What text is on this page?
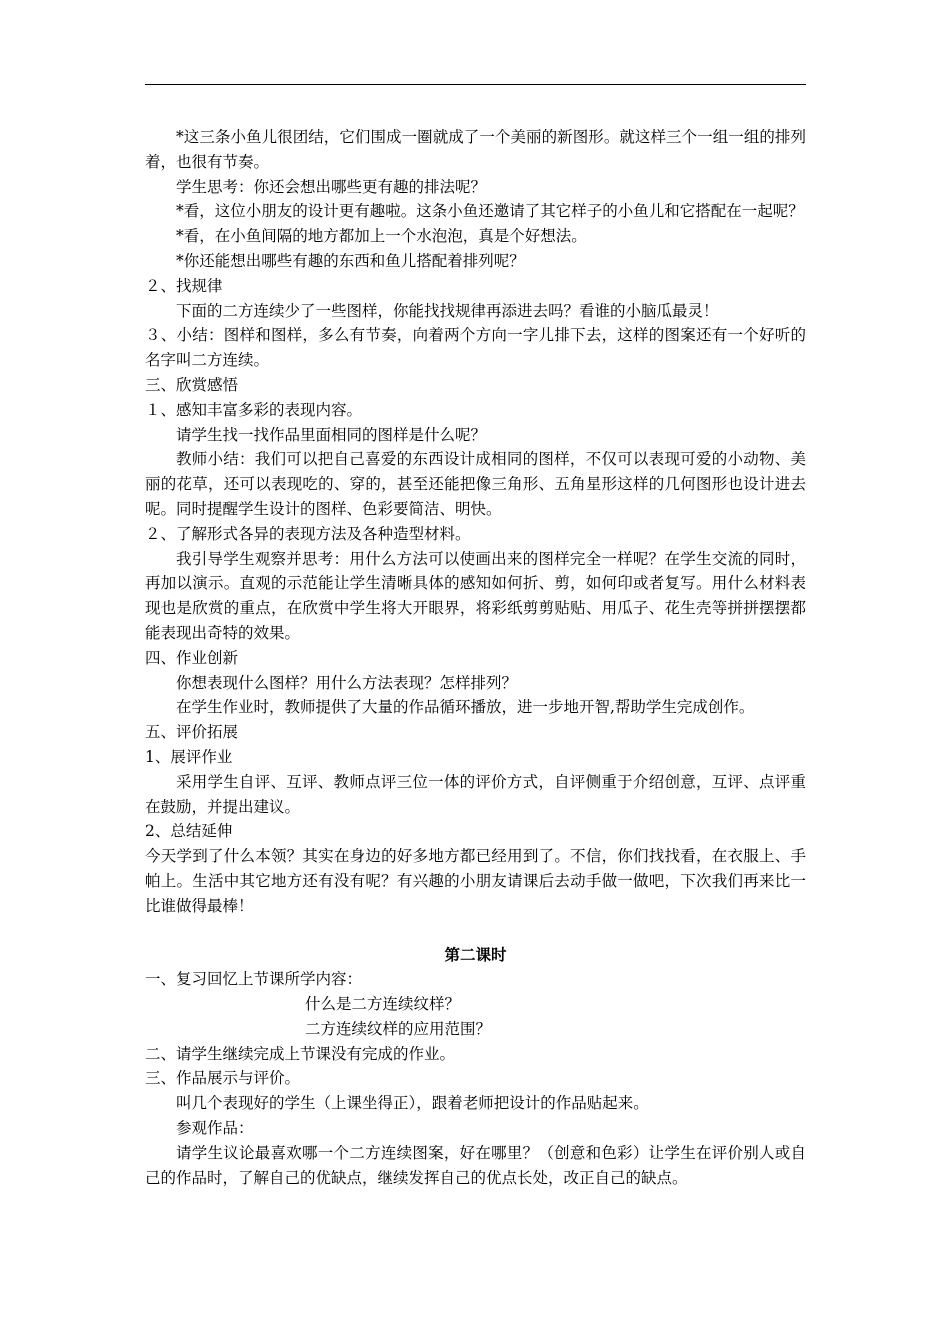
*这三条小鱼儿很团结，它们围成一圈就成了一个美丽的新图形。就这样三个一组一组的排列着，也很有节奏。

学生思考：你还会想出哪些更有趣的排法呢？

*看，这位小朋友的设计更有趣啦。这条小鱼还邀请了其它样子的小鱼儿和它搭配在一起呢？

*看，在小鱼间隔的地方都加上一个水泡泡，真是个好想法。

*你还能想出哪些有趣的东西和鱼儿搭配着排列呢？

２、找规律

下面的二方连续少了一些图样，你能找找规律再添进去吗？看谁的小脑瓜最灵！

３、小结：图样和图样，多么有节奏，向着两个方向一字儿排下去，这样的图案还有一个好听的名字叫二方连续。

三、欣赏感悟

１、感知丰富多彩的表现内容。

请学生找一找作品里面相同的图样是什么呢？

教师小结：我们可以把自己喜爱的东西设计成相同的图样，不仅可以表现可爱的小动物、美丽的花草，还可以表现吃的、穿的，甚至还能把像三角形、五角星形这样的几何图形也设计进去呢。同时提醒学生设计的图样、色彩要简洁、明快。

２、了解形式各异的表现方法及各种造型材料。

我引导学生观察并思考：用什么方法可以使画出来的图样完全一样呢？在学生交流的同时，再加以演示。直观的示范能让学生清晰具体的感知如何折、剪，如何印或者复写。用什么材料表现也是欣赏的重点，在欣赏中学生将大开眼界，将彩纸剪剪贴贴、用瓜子、花生壳等拼拼摆摆都能表现出奇特的效果。

四、作业创新

你想表现什么图样？用什么方法表现？怎样排列？

在学生作业时，教师提供了大量的作品循环播放，进一步地开智,帮助学生完成创作。

五、评价拓展

1、展评作业

采用学生自评、互评、教师点评三位一体的评价方式，自评侧重于介绍创意，互评、点评重在鼓励，并提出建议。

2、总结延伸

今天学到了什么本领？其实在身边的好多地方都已经用到了。不信，你们找找看，在衣服上、手帕上。生活中其它地方还有没有呢？有兴趣的小朋友请课后去动手做一做吧，下次我们再来比一比谁做得最棒！

第二课时

一、复习回忆上节课所学内容：

什么是二方连续纹样？

二方连续纹样的应用范围？

二、请学生继续完成上节课没有完成的作业。

三、作品展示与评价。

叫几个表现好的学生（上课坐得正），跟着老师把设计的作品贴起来。

参观作品：

请学生议论最喜欢哪一个二方连续图案，好在哪里？（创意和色彩）让学生在评价别人或自己的作品时，了解自己的优缺点，继续发挥自己的优点长处，改正自己的缺点。
